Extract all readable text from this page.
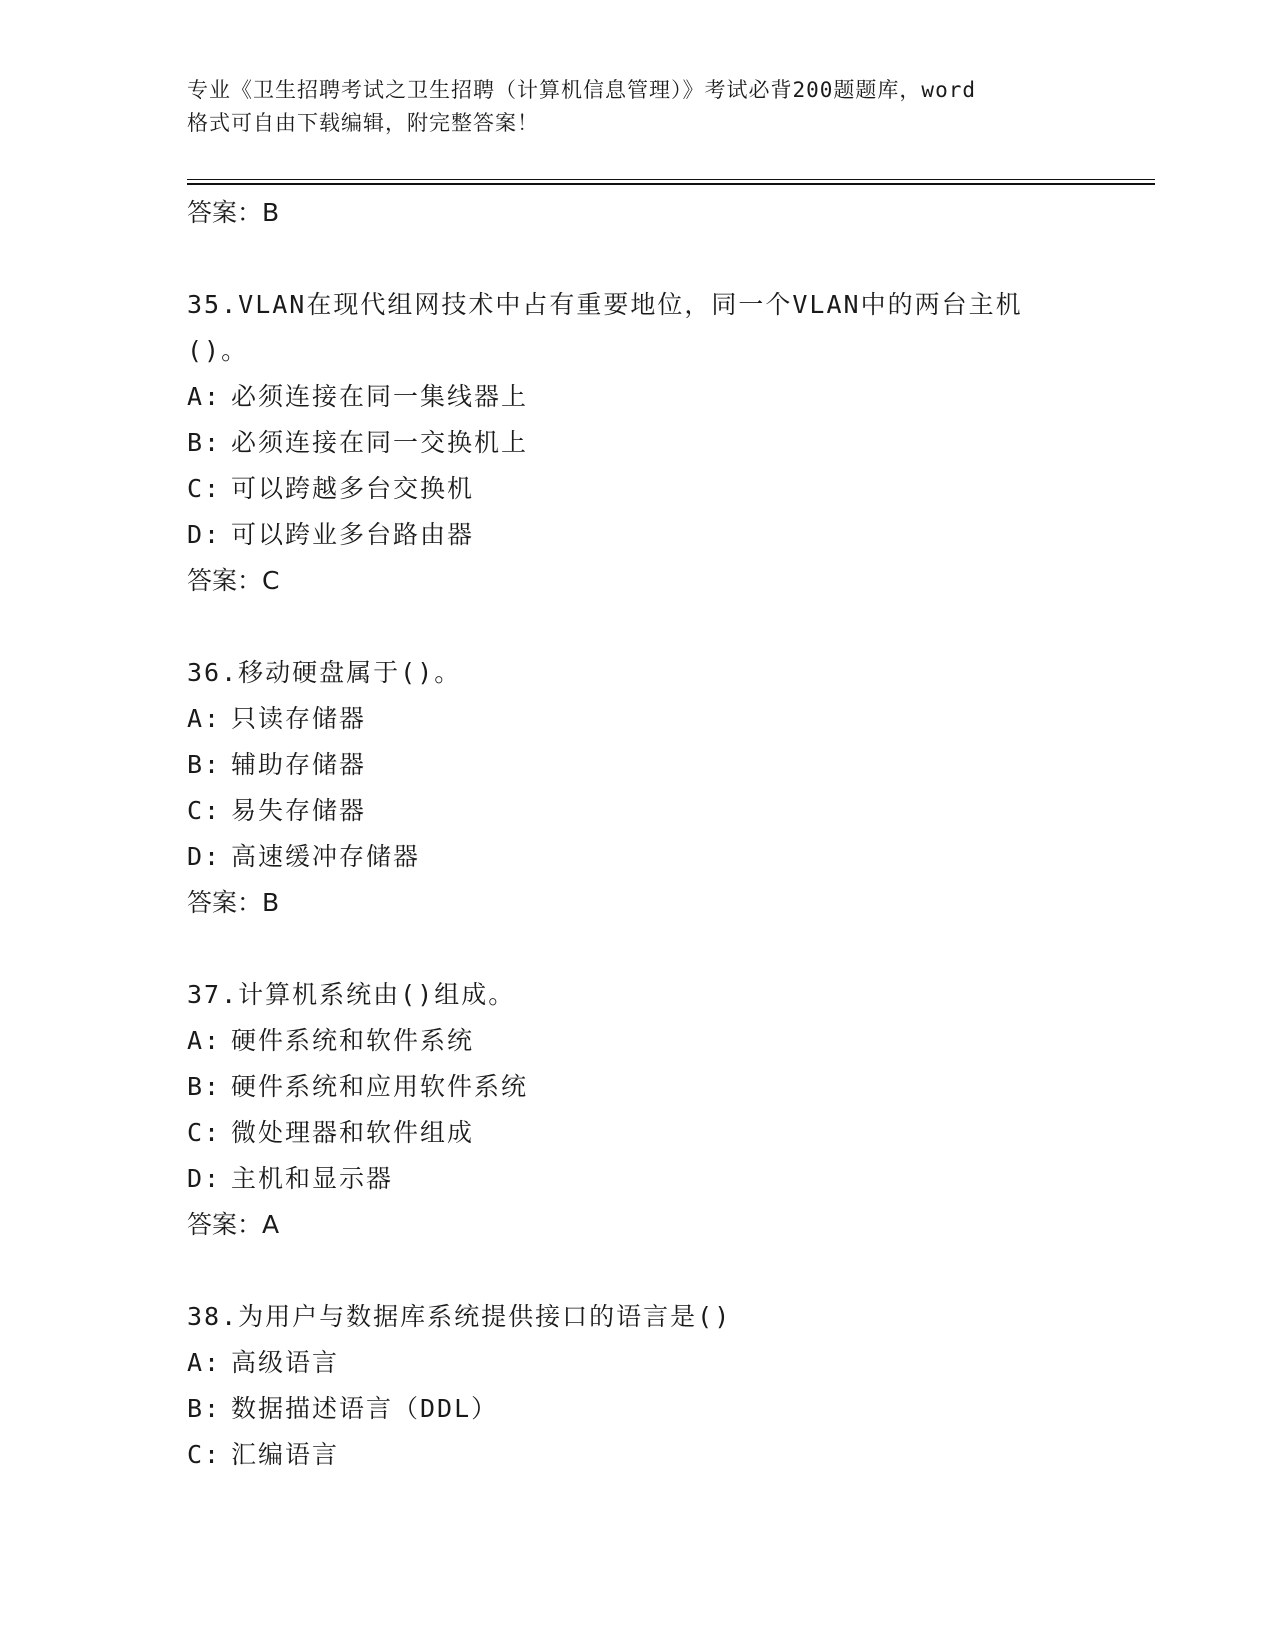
专业《卫生招聘考试之卫生招聘（计算机信息管理）》考试必背200题题库，word
格式可自由下载编辑，附完整答案！
答案：B
35.VLAN在现代组网技术中占有重要地位，同一个VLAN中的两台主机
()。
A: 必须连接在同一集线器上
B: 必须连接在同一交换机上
C: 可以跨越多台交换机
D: 可以跨业多台路由器
答案：C
36.移动硬盘属于()。
A: 只读存储器
B: 辅助存储器
C: 易失存储器
D: 高速缓冲存储器
答案：B
37.计算机系统由()组成。
A: 硬件系统和软件系统
B: 硬件系统和应用软件系统
C: 微处理器和软件组成
D: 主机和显示器
答案：A
38.为用户与数据库系统提供接口的语言是()
A: 高级语言
B: 数据描述语言（DDL）
C: 汇编语言
